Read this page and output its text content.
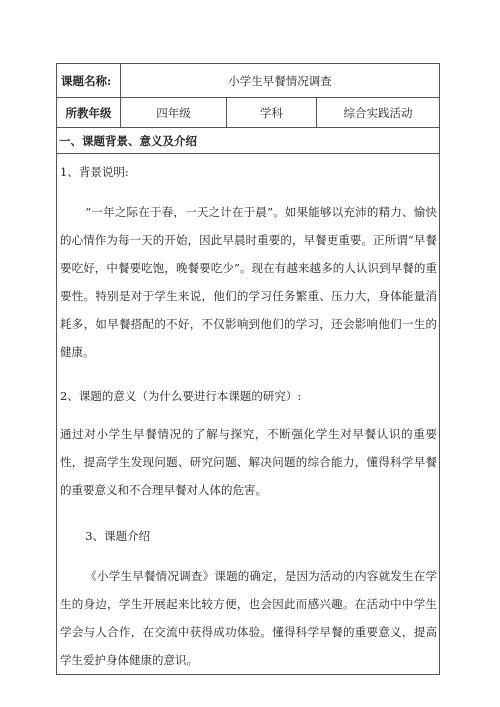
课题名称:	小学生早餐情况调查
所教年级	四年级	学科	综合实践活动
一、课题背景、意义及介绍

1、背景说明:

“一年之际在于春，一天之计在于晨”。如果能够以充沛的精力、愉快的心情作为每一天的开始，因此早晨时重要的，早餐更重要。正所谓“早餐要吃好，中餐要吃饱，晚餐要吃少”。现在有越来越多的人认识到早餐的重要性。特别是对于学生来说，他们的学习任务繁重、压力大，身体能量消耗多，如早餐搭配的不好，不仅影响到他们的学习，还会影响他们一生的健康。

2、课题的意义（为什么要进行本课题的研究）:

通过对小学生早餐情况的了解与探究，不断强化学生对早餐认识的重要性，提高学生发现问题、研究问题、解决问题的综合能力，懂得科学早餐的重要意义和不合理早餐对人体的危害。

3、课题介绍

《小学生早餐情况调查》课题的确定，是因为活动的内容就发生在学生的身边，学生开展起来比较方便，也会因此而感兴趣。在活动中中学生学会与人合作，在交流中获得成功体验。懂得科学早餐的重要意义，提高学生爱护身体健康的意识。
